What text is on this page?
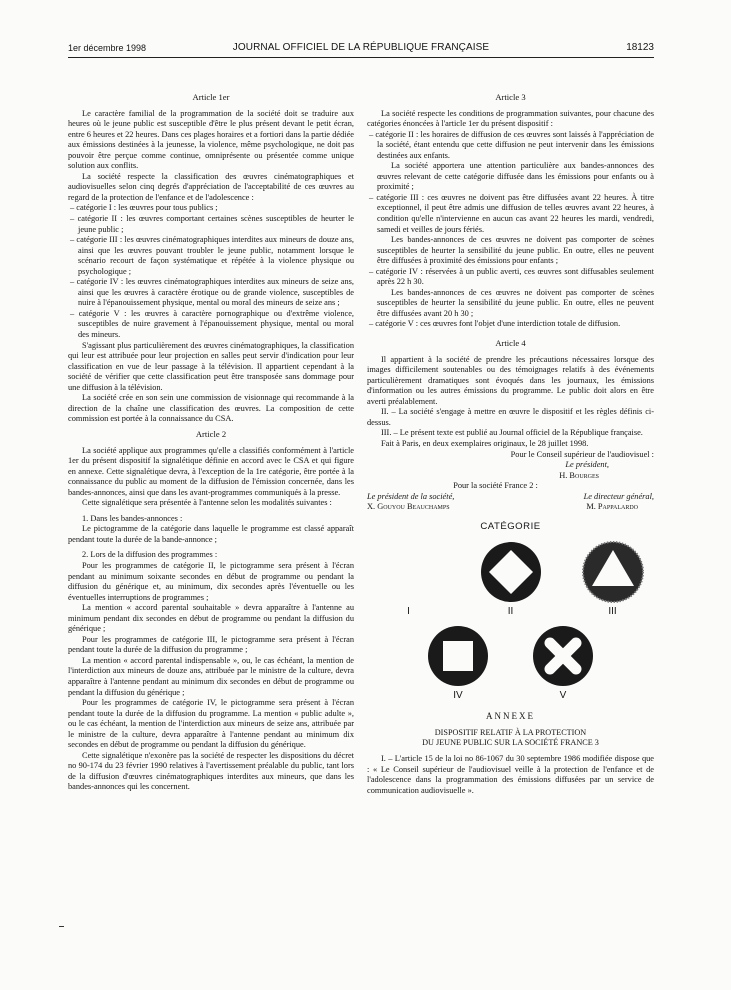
1er décembre 1998	JOURNAL OFFICIEL DE LA RÉPUBLIQUE FRANÇAISE	18123

Article 1er

Le caractère familial de la programmation de la société doit se traduire aux heures où le jeune public est susceptible d'être le plus présent devant le petit écran, entre 6 heures et 22 heures. Dans ces plages horaires et a fortiori dans la partie dédiée aux émissions destinées à la jeunesse, la violence, même psychologique, ne doit pas pouvoir être perçue comme continue, omniprésente ou présentée comme unique solution aux conflits.

La société respecte la classification des œuvres cinématographiques et audiovisuelles selon cinq degrés d'appréciation de l'acceptabilité de ces œuvres au regard de la protection de l'enfance et de l'adolescence :

– catégorie I : les œuvres pour tous publics ;

– catégorie II : les œuvres comportant certaines scènes susceptibles de heurter le jeune public ;

– catégorie III : les œuvres cinématographiques interdites aux mineurs de douze ans, ainsi que les œuvres pouvant troubler le jeune public, notamment lorsque le scénario recourt de façon systématique et répétée à la violence physique ou psychologique ;

– catégorie IV : les œuvres cinématographiques interdites aux mineurs de seize ans, ainsi que les œuvres à caractère érotique ou de grande violence, susceptibles de nuire à l'épanouissement physique, mental ou moral des mineurs de seize ans ;

– catégorie V : les œuvres à caractère pornographique ou d'extrême violence, susceptibles de nuire gravement à l'épanouissement physique, mental ou moral des mineurs.

S'agissant plus particulièrement des œuvres cinématographiques, la classification qui leur est attribuée pour leur projection en salles peut servir d'indication pour leur classification en vue de leur passage à la télévision. Il appartient cependant à la société de vérifier que cette classification peut être transposée sans dommage pour une diffusion à la télévision.

La société crée en son sein une commission de visionnage qui recommande à la direction de la chaîne une classification des œuvres. La composition de cette commission est portée à la connaissance du CSA.

Article 2

La société applique aux programmes qu'elle a classifiés conformément à l'article 1er du présent dispositif la signalétique définie en accord avec le CSA et qui figure en annexe. Cette signalétique devra, à l'exception de la 1re catégorie, être portée à la connaissance du public au moment de la diffusion de l'émission concernée, dans les bandes-annonces, ainsi que dans les avant-programmes communiqués à la presse.

Cette signalétique sera présentée à l'antenne selon les modalités suivantes :

1. Dans les bandes-annonces :

Le pictogramme de la catégorie dans laquelle le programme est classé apparaît pendant toute la durée de la bande-annonce ;

2. Lors de la diffusion des programmes :

Pour les programmes de catégorie II, le pictogramme sera présent à l'écran pendant au minimum soixante secondes en début de programme ou pendant la diffusion du générique et, au minimum, dix secondes après l'éventuelle ou les éventuelles interruptions de programmes ;

La mention « accord parental souhaitable » devra apparaître à l'antenne au minimum pendant dix secondes en début de programme ou pendant la diffusion du générique ;

Pour les programmes de catégorie III, le pictogramme sera présent à l'écran pendant toute la durée de la diffusion du programme ;

La mention « accord parental indispensable », ou, le cas échéant, la mention de l'interdiction aux mineurs de douze ans, attribuée par le ministre de la culture, devra apparaître à l'antenne pendant au minimum dix secondes en début de programme ou pendant la diffusion du générique ;

Pour les programmes de catégorie IV, le pictogramme sera présent à l'écran pendant toute la durée de la diffusion du programme. La mention « public adulte », ou le cas échéant, la mention de l'interdiction aux mineurs de seize ans, attribuée par le ministre de la culture, devra apparaître à l'antenne pendant au minimum dix secondes en début de programme ou pendant la diffusion du générique.

Cette signalétique n'exonère pas la société de respecter les dispositions du décret no 90-174 du 23 février 1990 relatives à l'avertissement préalable du public, tant lors de la diffusion d'œuvres cinématographiques interdites aux mineurs, que dans les bandes-annonces qui les concernent.

Article 3

La société respecte les conditions de programmation suivantes, pour chacune des catégories énoncées à l'article 1er du présent dispositif :

– catégorie II : les horaires de diffusion de ces œuvres sont laissés à l'appréciation de la société, étant entendu que cette diffusion ne peut intervenir dans les émissions destinées aux enfants.

La société apportera une attention particulière aux bandes-annonces des œuvres relevant de cette catégorie diffusée dans les émissions pour enfants ou à proximité ;

– catégorie III : ces œuvres ne doivent pas être diffusées avant 22 heures. À titre exceptionnel, il peut être admis une diffusion de telles œuvres avant 22 heures, à condition qu'elle n'intervienne en aucun cas avant 22 heures les mardi, vendredi, samedi et veilles de jours fériés.

Les bandes-annonces de ces œuvres ne doivent pas comporter de scènes susceptibles de heurter la sensibilité du jeune public. En outre, elles ne peuvent être diffusées à proximité des émissions pour enfants ;

– catégorie IV : réservées à un public averti, ces œuvres sont diffusables seulement après 22 h 30.

Les bandes-annonces de ces œuvres ne doivent pas comporter de scènes susceptibles de heurter la sensibilité du jeune public. En outre, elles ne peuvent être diffusées avant 20 h 30 ;

– catégorie V : ces œuvres font l'objet d'une interdiction totale de diffusion.

Article 4

Il appartient à la société de prendre les précautions nécessaires lorsque des images difficilement soutenables ou des témoignages relatifs à des événements particulièrement dramatiques sont évoqués dans les journaux, les émissions d'information ou les autres émissions du programme. Le public doit alors en être averti préalablement.

II. – La société s'engage à mettre en œuvre le dispositif et les règles définis ci-dessus.

III. – Le présent texte est publié au Journal officiel de la République française.

Fait à Paris, en deux exemplaires originaux, le 28 juillet 1998.

Pour le Conseil supérieur de l'audiovisuel :
Le président,
H. Bourges
Pour la société France 2 :
Le président de la société,	Le directeur général,
X. Gouyou Beauchamps	M. Pappalardo
CATÉGORIE
I	II	III
IV	V
ANNEXE
DISPOSITIF RELATIF À LA PROTECTION
DU JEUNE PUBLIC SUR LA SOCIÉTÉ FRANCE 3

I. – L'article 15 de la loi no 86-1067 du 30 septembre 1986 modifiée dispose que : « Le Conseil supérieur de l'audiovisuel veille à la protection de l'enfance et de l'adolescence dans la programmation des émissions diffusées par un service de communication audiovisuelle ».
